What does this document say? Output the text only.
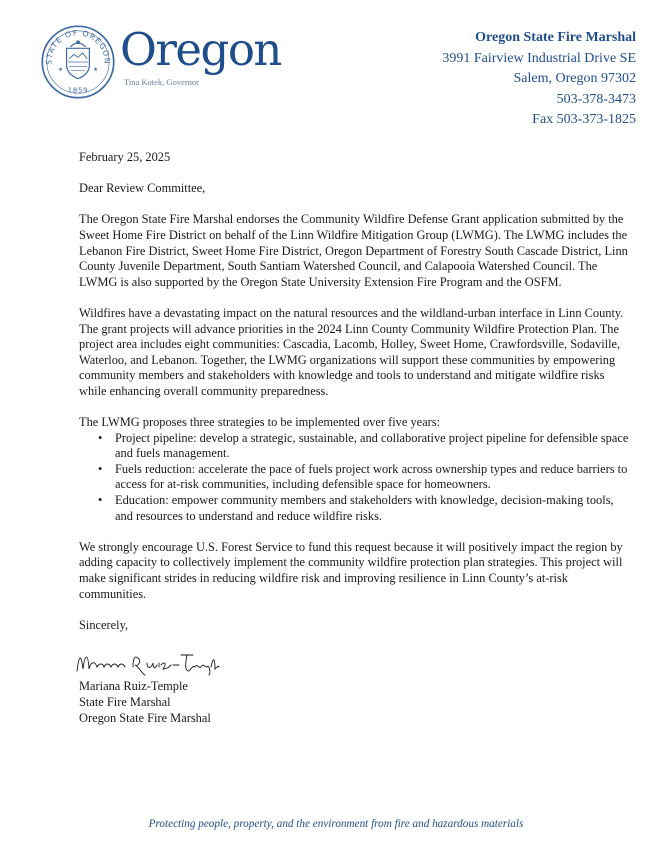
STATE OF OREGON
★	★
1859
Oregon
Tina Kotek, Governor
Oregon State Fire Marshal
3991 Fairview Industrial Drive SE
Salem, Oregon 97302
503-378-3473
Fax 503-373-1825

February 25, 2025

Dear Review Committee,

The Oregon State Fire Marshal endorses the Community Wildfire Defense Grant application submitted by the Sweet Home Fire District on behalf of the Linn Wildfire Mitigation Group (LWMG). The LWMG includes the Lebanon Fire District, Sweet Home Fire District, Oregon Department of Forestry South Cascade District, Linn County Juvenile Department, South Santiam Watershed Council, and Calapooia Watershed Council. The LWMG is also supported by the Oregon State University Extension Fire Program and the OSFM.

Wildfires have a devastating impact on the natural resources and the wildland-urban interface in Linn County. The grant projects will advance priorities in the 2024 Linn County Community Wildfire Protection Plan. The project area includes eight communities: Cascadia, Lacomb, Holley, Sweet Home, Crawfordsville, Sodaville, Waterloo, and Lebanon. Together, the LWMG organizations will support these communities by empowering community members and stakeholders with knowledge and tools to understand and mitigate wildfire risks while enhancing overall community preparedness.

The LWMG proposes three strategies to be implemented over five years:

• Project pipeline: develop a strategic, sustainable, and collaborative project pipeline for defensible space and fuels management.
• Fuels reduction: accelerate the pace of fuels project work across ownership types and reduce barriers to access for at-risk communities, including defensible space for homeowners.
• Education: empower community members and stakeholders with knowledge, decision-making tools, and resources to understand and reduce wildfire risks.

We strongly encourage U.S. Forest Service to fund this request because it will positively impact the region by adding capacity to collectively implement the community wildfire protection plan strategies. This project will make significant strides in reducing wildfire risk and improving resilience in Linn County’s at-risk communities.

Sincerely,

Mariana Ruiz-Temple

State Fire Marshal

Oregon State Fire Marshal

Protecting people, property, and the environment from fire and hazardous materials
